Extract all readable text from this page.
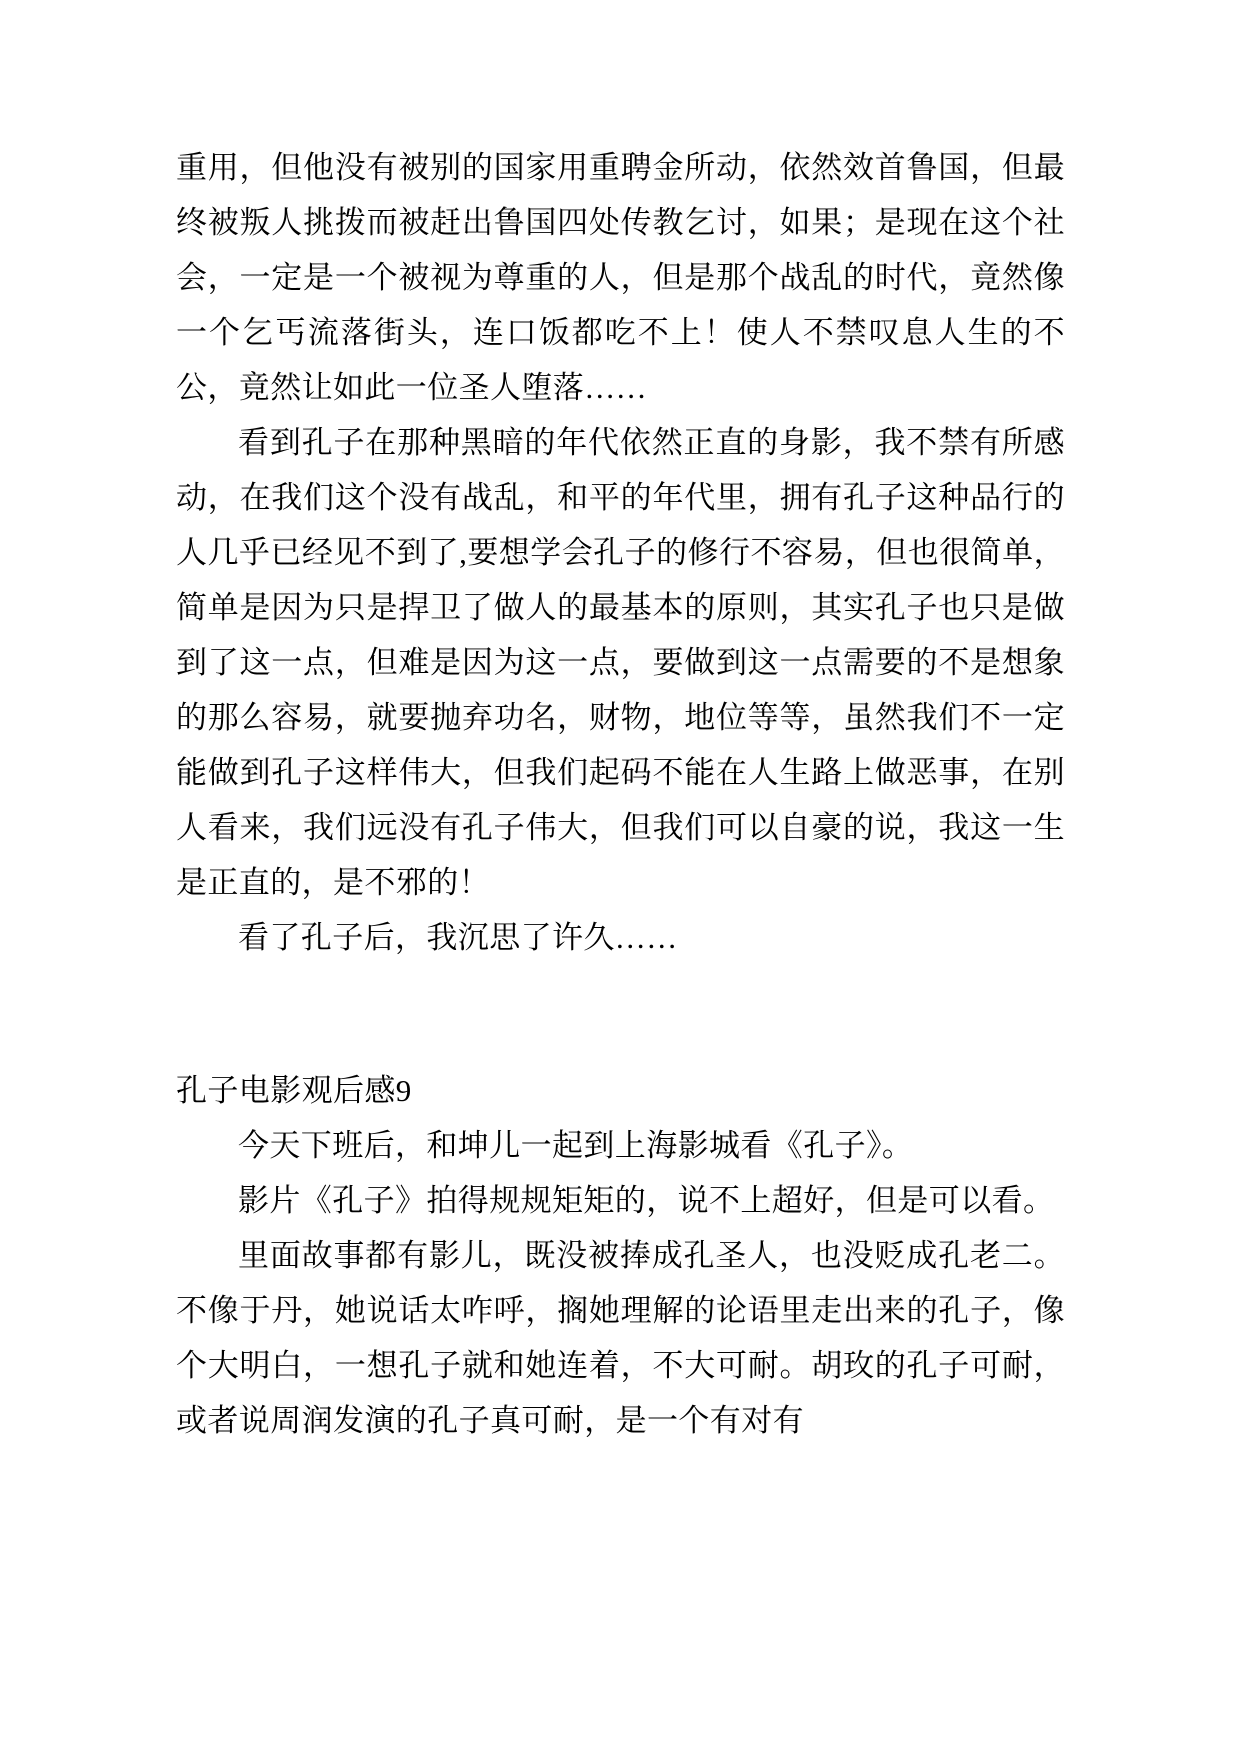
重用，但他没有被别的国家用重聘金所动，依然效首鲁国，但最终被叛人挑拨而被赶出鲁国四处传教乞讨，如果；是现在这个社会，一定是一个被视为尊重的人，但是那个战乱的时代，竟然像一个乞丐流落街头，连口饭都吃不上！使人不禁叹息人生的不公，竟然让如此一位圣人堕落……

看到孔子在那种黑暗的年代依然正直的身影，我不禁有所感动，在我们这个没有战乱，和平的年代里，拥有孔子这种品行的人几乎已经见不到了,要想学会孔子的修行不容易，但也很简单，简单是因为只是捍卫了做人的最基本的原则，其实孔子也只是做到了这一点，但难是因为这一点，要做到这一点需要的不是想象的那么容易，就要抛弃功名，财物，地位等等，虽然我们不一定能做到孔子这样伟大，但我们起码不能在人生路上做恶事，在别人看来，我们远没有孔子伟大，但我们可以自豪的说，我这一生是正直的，是不邪的！

看了孔子后，我沉思了许久……

孔子电影观后感9

今天下班后，和坤儿一起到上海影城看《孔子》。

影片《孔子》拍得规规矩矩的，说不上超好，但是可以看。

里面故事都有影儿，既没被捧成孔圣人，也没贬成孔老二。不像于丹，她说话太咋呼，搁她理解的论语里走出来的孔子，像个大明白，一想孔子就和她连着，不大可耐。胡玫的孔子可耐，或者说周润发演的孔子真可耐，是一个有对有
